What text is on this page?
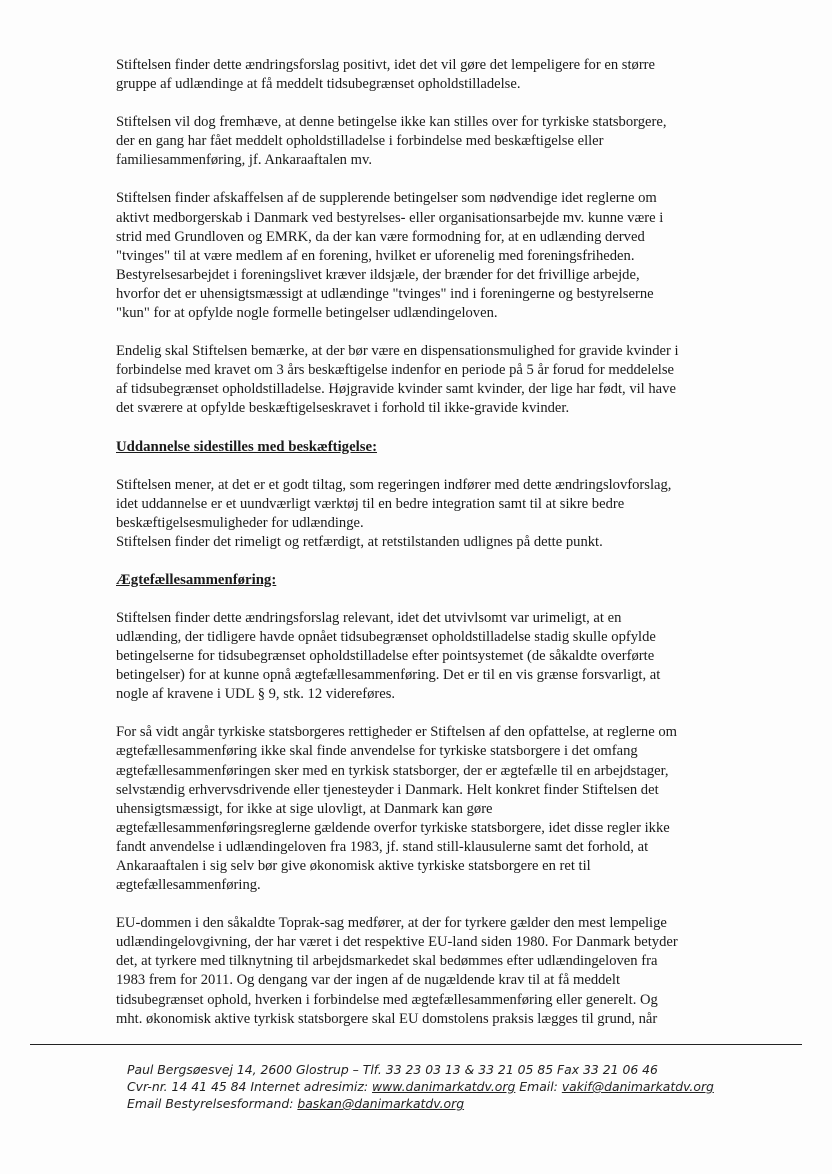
Stiftelsen finder dette ændringsforslag positivt, idet det vil gøre det lempeligere for en større
gruppe af udlændinge at få meddelt tidsubegrænset opholdstilladelse.
Stiftelsen vil dog fremhæve, at denne betingelse ikke kan stilles over for tyrkiske statsborgere,
der en gang har fået meddelt opholdstilladelse i forbindelse med beskæftigelse eller
familiesammenføring, jf. Ankaraaftalen mv.
Stiftelsen finder afskaffelsen af de supplerende betingelser som nødvendige idet reglerne om
aktivt medborgerskab i Danmark ved bestyrelses- eller organisationsarbejde mv. kunne være i
strid med Grundloven og EMRK, da der kan være formodning for, at en udlænding derved
"tvinges" til at være medlem af en forening, hvilket er uforenelig med foreningsfriheden.
Bestyrelsesarbejdet i foreningslivet kræver ildsjæle, der brænder for det frivillige arbejde,
hvorfor det er uhensigtsmæssigt at udlændinge "tvinges" ind i foreningerne og bestyrelserne
"kun" for at opfylde nogle formelle betingelser udlændingeloven.
Endelig skal Stiftelsen bemærke, at der bør være en dispensationsmulighed for gravide kvinder i
forbindelse med kravet om 3 års beskæftigelse indenfor en periode på 5 år forud for meddelelse
af tidsubegrænset opholdstilladelse. Højgravide kvinder samt kvinder, der lige har født, vil have
det sværere at opfylde beskæftigelseskravet i forhold til ikke-gravide kvinder.
Uddannelse sidestilles med beskæftigelse:
Stiftelsen mener, at det er et godt tiltag, som regeringen indfører med dette ændringslovforslag,
idet uddannelse er et uundværligt værktøj til en bedre integration samt til at sikre bedre
beskæftigelsesmuligheder for udlændinge.
Stiftelsen finder det rimeligt og retfærdigt, at retstilstanden udlignes på dette punkt.
Ægtefællesammenføring:
Stiftelsen finder dette ændringsforslag relevant, idet det utvivlsomt var urimeligt, at en
udlænding, der tidligere havde opnået tidsubegrænset opholdstilladelse stadig skulle opfylde
betingelserne for tidsubegrænset opholdstilladelse efter pointsystemet (de såkaldte overførte
betingelser) for at kunne opnå ægtefællesammenføring. Det er til en vis grænse forsvarligt, at
nogle af kravene i UDL § 9, stk. 12 videreføres.
For så vidt angår tyrkiske statsborgeres rettigheder er Stiftelsen af den opfattelse, at reglerne om
ægtefællesammenføring ikke skal finde anvendelse for tyrkiske statsborgere i det omfang
ægtefællesammenføringen sker med en tyrkisk statsborger, der er ægtefælle til en arbejdstager,
selvstændig erhvervsdrivende eller tjenesteyder i Danmark. Helt konkret finder Stiftelsen det
uhensigtsmæssigt, for ikke at sige ulovligt, at Danmark kan gøre
ægtefællesammenføringsreglerne gældende overfor tyrkiske statsborgere, idet disse regler ikke
fandt anvendelse i udlændingeloven fra 1983, jf. stand still-klausulerne samt det forhold, at
Ankaraaftalen i sig selv bør give økonomisk aktive tyrkiske statsborgere en ret til
ægtefællesammenføring.
EU-dommen i den såkaldte Toprak-sag medfører, at der for tyrkere gælder den mest lempelige
udlændingelovgivning, der har været i det respektive EU-land siden 1980. For Danmark betyder
det, at tyrkere med tilknytning til arbejdsmarkedet skal bedømmes efter udlændingeloven fra
1983 frem for 2011. Og dengang var der ingen af de nugældende krav til at få meddelt
tidsubegrænset ophold, hverken i forbindelse med ægtefællesammenføring eller generelt. Og
mht. økonomisk aktive tyrkisk statsborgere skal EU domstolens praksis lægges til grund, når
Paul Bergsøesvej 14, 2600 Glostrup – Tlf. 33 23 03 13 & 33 21 05 85 Fax 33 21 06 46
Cvr-nr. 14 41 45 84 Internet adresimiz: www.danimarkatdv.org Email: vakif@danimarkatdv.org
Email Bestyrelsesformand: baskan@danimarkatdv.org
